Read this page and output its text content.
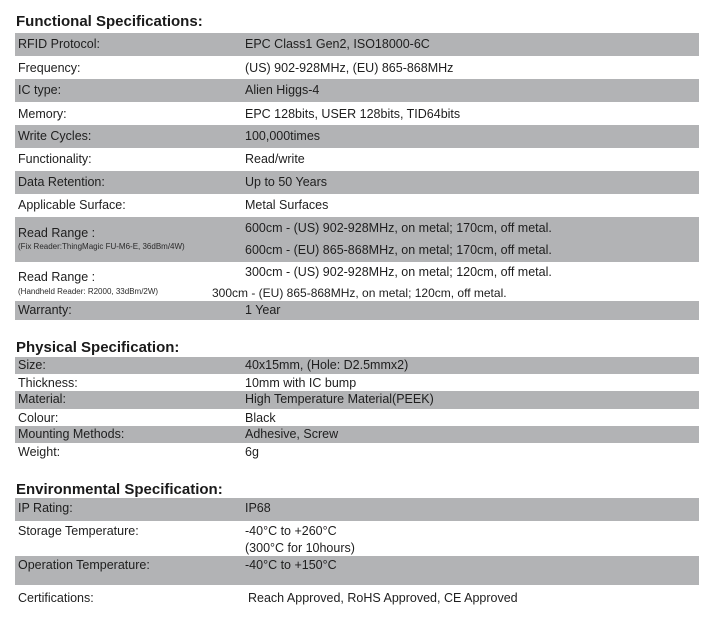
Functional Specifications:
RFID Protocol:	EPC Class1 Gen2, ISO18000-6C
Frequency:	(US) 902-928MHz, (EU) 865-868MHz
IC type:	Alien Higgs-4
Memory:	EPC 128bits, USER 128bits, TID64bits
Write Cycles:	100,000times
Functionality:	Read/write
Data Retention:	Up to 50 Years
Applicable Surface:	Metal Surfaces
Read Range :
(Fix Reader:ThingMagic FU-M6-E, 36dBm/4W)
600cm - (US) 902-928MHz, on metal; 170cm, off metal.
600cm - (EU) 865-868MHz, on metal; 170cm, off metal.
Read Range :
(Handheld Reader: R2000, 33dBm/2W)
300cm - (US) 902-928MHz, on metal; 120cm, off metal.
300cm - (EU) 865-868MHz, on metal; 120cm, off metal.
Warranty:	1 Year
Physical Specification:
Size:	40x15mm, (Hole: D2.5mmx2)
Thickness:	10mm with IC bump
Material:	High Temperature Material(PEEK)
Colour:	Black
Mounting Methods:	Adhesive, Screw
Weight:	6g
Environmental Specification:
IP Rating:	IP68
Storage Temperature:	-40°C to +260°C
(300°C for 10hours)
Operation Temperature:	-40°C to +150°C
Certifications:	Reach Approved, RoHS Approved, CE Approved
